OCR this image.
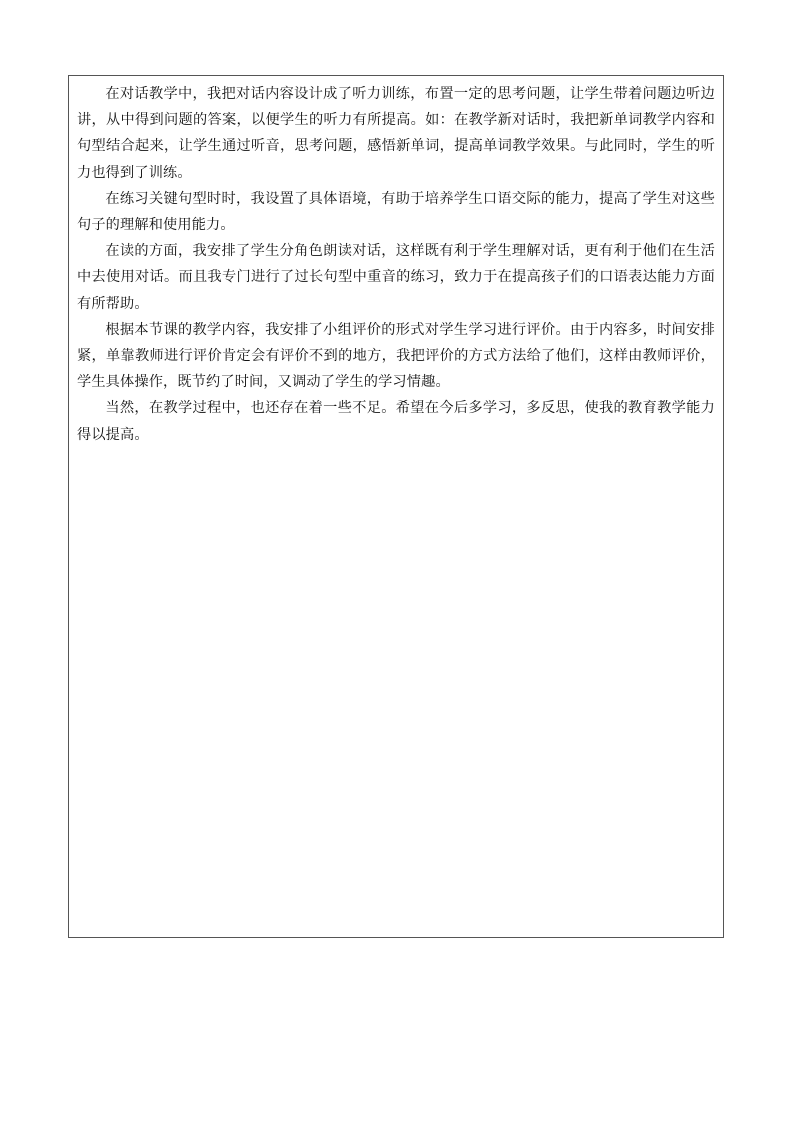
在对话教学中，我把对话内容设计成了听力训练，布置一定的思考问题，让学生带着问题边听边讲，从中得到问题的答案，以便学生的听力有所提高。如：在教学新对话时，我把新单词教学内容和句型结合起来，让学生通过听音，思考问题，感悟新单词，提高单词教学效果。与此同时，学生的听力也得到了训练。

在练习关键句型时时，我设置了具体语境，有助于培养学生口语交际的能力，提高了学生对这些句子的理解和使用能力。

在读的方面，我安排了学生分角色朗读对话，这样既有利于学生理解对话，更有利于他们在生活中去使用对话。而且我专门进行了过长句型中重音的练习，致力于在提高孩子们的口语表达能力方面有所帮助。

根据本节课的教学内容，我安排了小组评价的形式对学生学习进行评价。由于内容多，时间安排紧，单靠教师进行评价肯定会有评价不到的地方，我把评价的方式方法给了他们，这样由教师评价，学生具体操作，既节约了时间，又调动了学生的学习情趣。

当然，在教学过程中，也还存在着一些不足。希望在今后多学习，多反思，使我的教育教学能力得以提高。
